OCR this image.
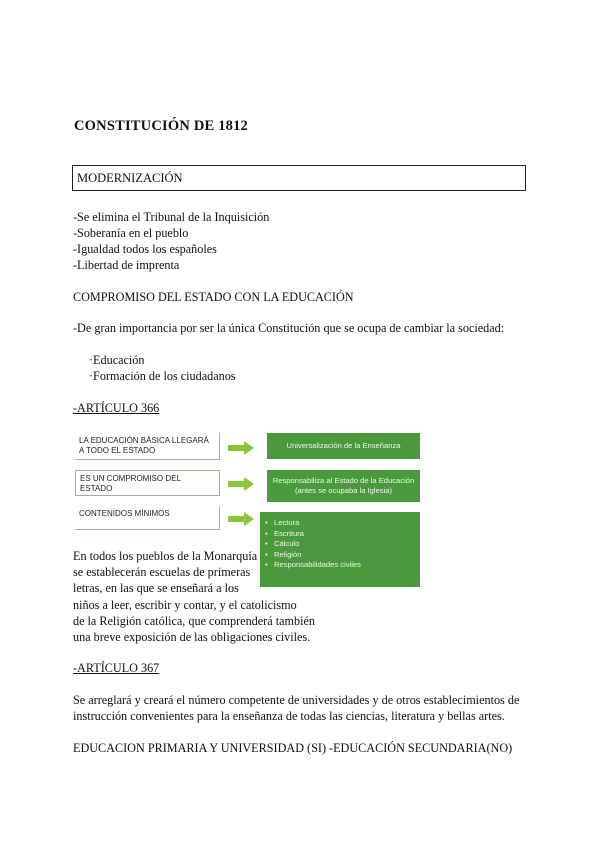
CONSTITUCIÓN DE 1812
MODERNIZACIÓN
-Se elimina el Tribunal de la Inquisición
-Soberanía en el pueblo
-Igualdad todos los españoles
-Libertad de imprenta
COMPROMISO DEL ESTADO CON LA EDUCACIÓN
-De gran importancia por ser la única Constitución que se ocupa de cambiar la sociedad:
·Educación
·Formación de los ciudadanos
-ARTÍCULO 366
LA EDUCACIÓN BÁSICA LLEGARÁ A TODO EL ESTADO
ES UN COMPROMISO DEL ESTADO
CONTENIDOS MÍNIMOS
Universalización de la Enseñanza
Responsabiliza al Estado de la Educación
(antes se ocupaba la Iglesia)
• Lectura
• Escritura
• Cálculo
• Religión
• Responsabilidades civiles
En todos los pueblos de la Monarquía
se establecerán escuelas de primeras
letras, en las que se enseñará a los
niños a leer, escribir y contar, y el catolicismo
de la Religión católica, que comprenderá también
una breve exposición de las obligaciones civiles.
-ARTÍCULO 367
Se arreglará y creará el número competente de universidades y de otros establecimientos de
instrucción convenientes para la enseñanza de todas las ciencias, literatura y bellas artes.
EDUCACION PRIMARIA Y UNIVERSIDAD (SI) -EDUCACIÓN SECUNDARIA(NO)
